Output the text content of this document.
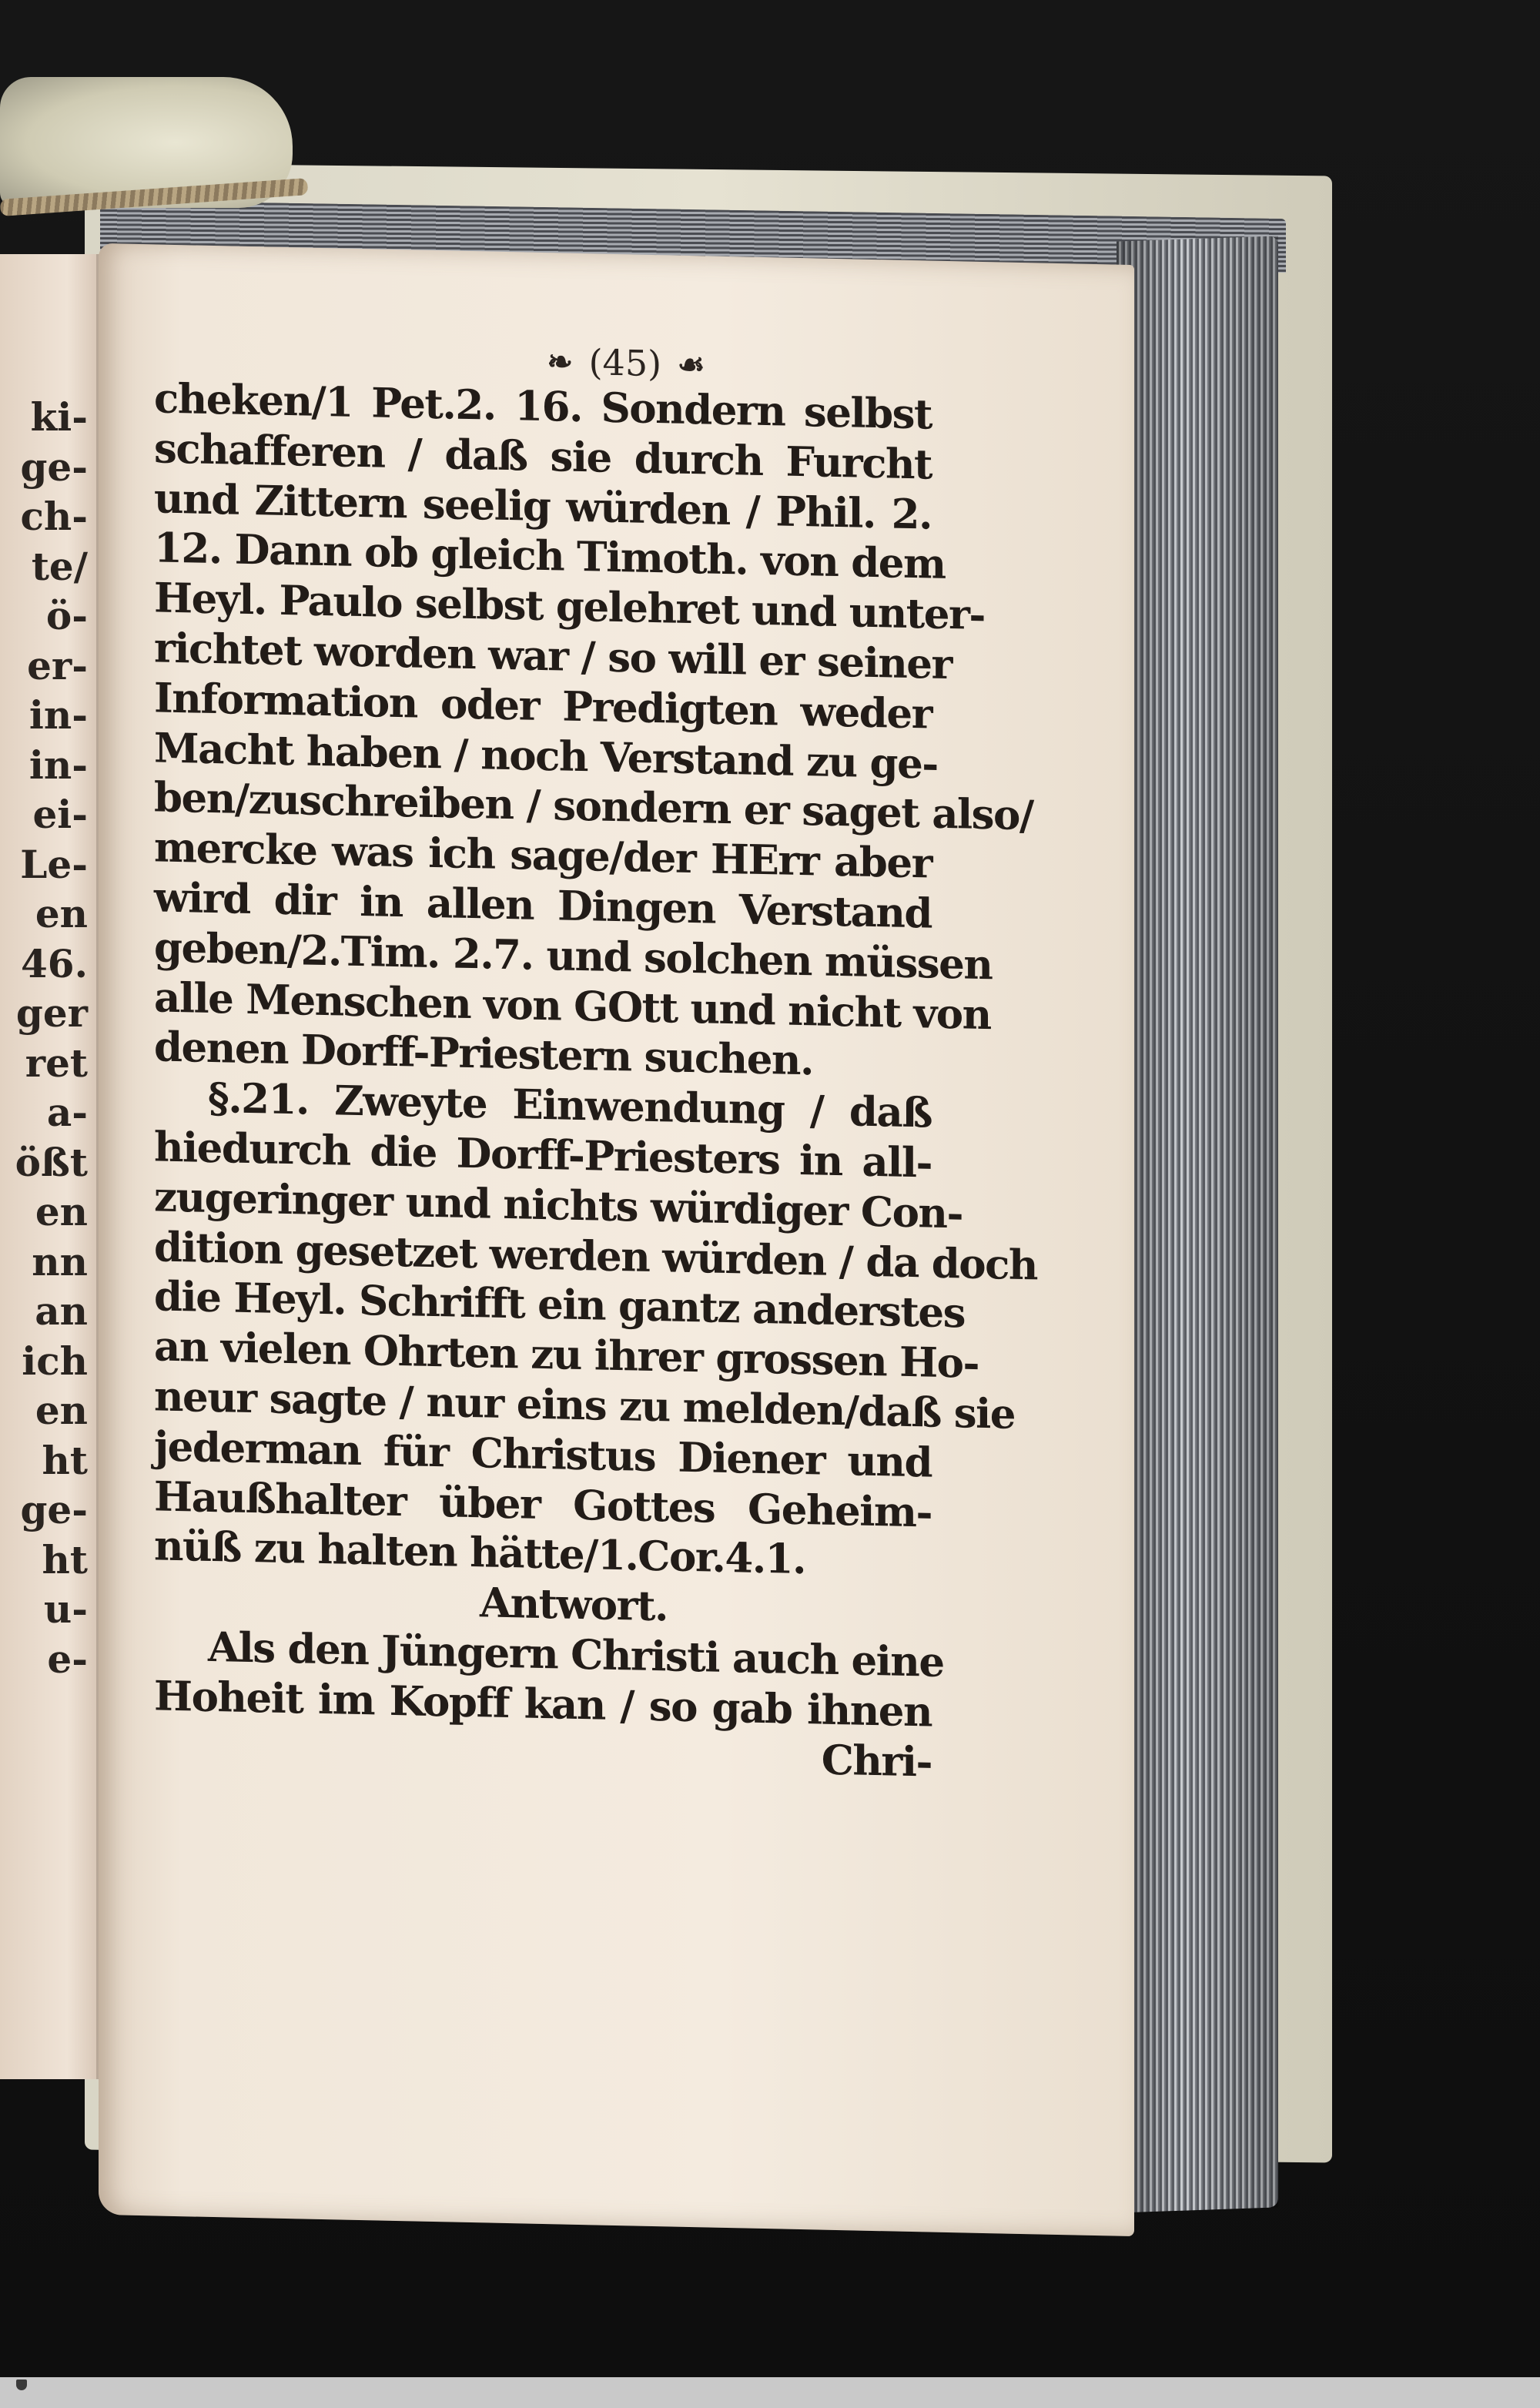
ki-
ge-
ch-
te/
ö-
er-
in-
in-
ei-
Le-
en
46.
ger
ret
a-
ößt
en
nn
an
ich
en
ht
ge-
ht
u-
e-
❧ (45) ☙
cheken/1 Pet.2. 16. Sondern selbst
schafferen / daß sie durch Furcht
und Zittern seelig würden / Phil. 2.
12. Dann ob gleich Timoth. von dem
Heyl. Paulo selbst gelehret und unter-
richtet worden war / so will er seiner
Information oder Predigten weder
Macht haben / noch Verstand zu ge-
ben/zuschreiben / sondern er saget also/
mercke was ich sage/der HErr aber
wird dir in allen Dingen Verstand
geben/2.Tim. 2.7. und solchen müssen
alle Menschen von GOtt und nicht von
denen Dorff-Priestern suchen.
§.21. Zweyte Einwendung / daß
hiedurch die Dorff-Priesters in all-
zugeringer und nichts würdiger Con-
dition gesetzet werden würden / da doch
die Heyl. Schrifft ein gantz anderstes
an vielen Ohrten zu ihrer grossen Ho-
neur sagte / nur eins zu melden/daß sie
jederman für Christus Diener und
Haußhalter über Gottes Geheim-
nüß zu halten hätte/1.Cor.4.1.
Antwort.
Als den Jüngern Christi auch eine
Hoheit im Kopff kan / so gab ihnen
Chri-
